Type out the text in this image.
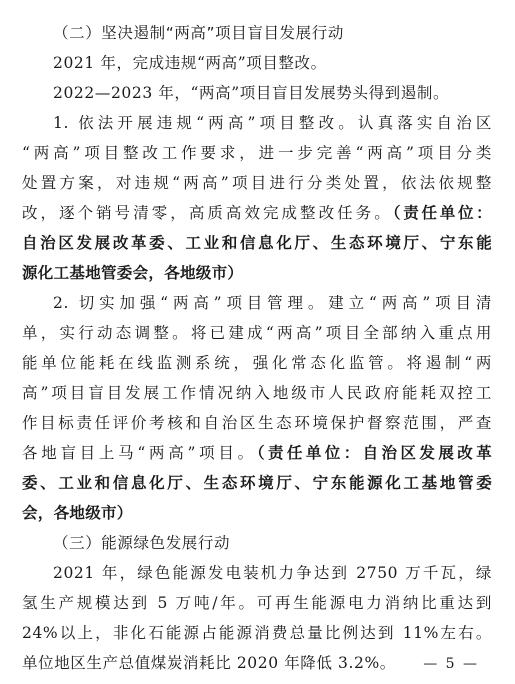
（二）坚决遏制“两高”项目盲目发展行动
2021 年，完成违规“两高”项目整改。
2022—2023 年，“两高”项目盲目发展势头得到遏制。
1. 依法开展违规“两高”项目整改。认真落实自治区
“两高”项目整改工作要求，进一步完善“两高”项目分类
处置方案，对违规“两高”项目进行分类处置，依法依规整
改，逐个销号清零，高质高效完成整改任务。（责任单位：
自治区发展改革委、工业和信息化厅、生态环境厅、宁东能
源化工基地管委会，各地级市）
2. 切实加强“两高”项目管理。建立“两高”项目清
单，实行动态调整。将已建成“两高”项目全部纳入重点用
能单位能耗在线监测系统，强化常态化监管。将遏制“两
高”项目盲目发展工作情况纳入地级市人民政府能耗双控工
作目标责任评价考核和自治区生态环境保护督察范围，严查
各地盲目上马“两高”项目。（责任单位：自治区发展改革
委、工业和信息化厅、生态环境厅、宁东能源化工基地管委
会，各地级市）
（三）能源绿色发展行动
2021 年，绿色能源发电装机力争达到 2750 万千瓦，绿
氢生产规模达到 5 万吨/年。可再生能源电力消纳比重达到
24%以上，非化石能源占能源消费总量比例达到 11%左右。
单位地区生产总值煤炭消耗比 2020 年降低 3.2%。	— 5 —
